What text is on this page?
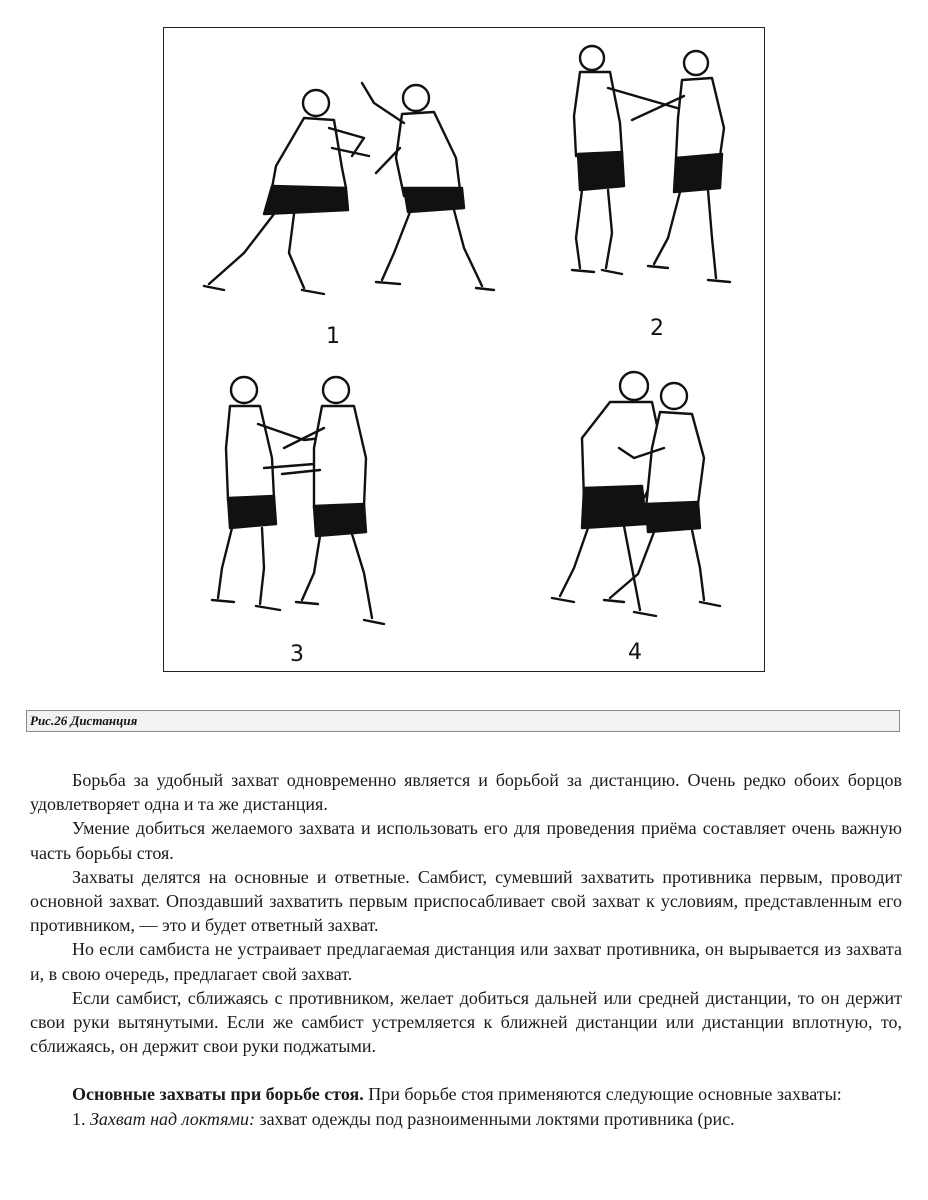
1	2
3	4
Рис.26 Дистанция

Борьба за удобный захват одновременно является и борьбой за дистанцию. Очень редко обоих борцов удовлетворяет одна и та же дистанция.

Умение добиться желаемого захвата и использовать его для проведения приёма составляет очень важную часть борьбы стоя.

Захваты делятся на основные и ответные. Самбист, сумевший захватить противника первым, проводит основной захват. Опоздавший захватить первым приспосабливает свой захват к условиям, представленным его противником, — это и будет ответный захват.

Но если самбиста не устраивает предлагаемая дистанция или захват противника, он вырывается из захвата и, в свою очередь, предлагает свой захват.

Если самбист, сближаясь с противником, желает добиться дальней или средней дистанции, то он держит свои руки вытянутыми. Если же самбист устремляется к ближней дистанции или дистанции вплотную, то, сближаясь, он держит свои руки поджатыми.

Основные захваты при борьбе стоя. При борьбе стоя применяются следующие основные захваты:

1. Захват над локтями: захват одежды под разноименными локтями противника (рис.
